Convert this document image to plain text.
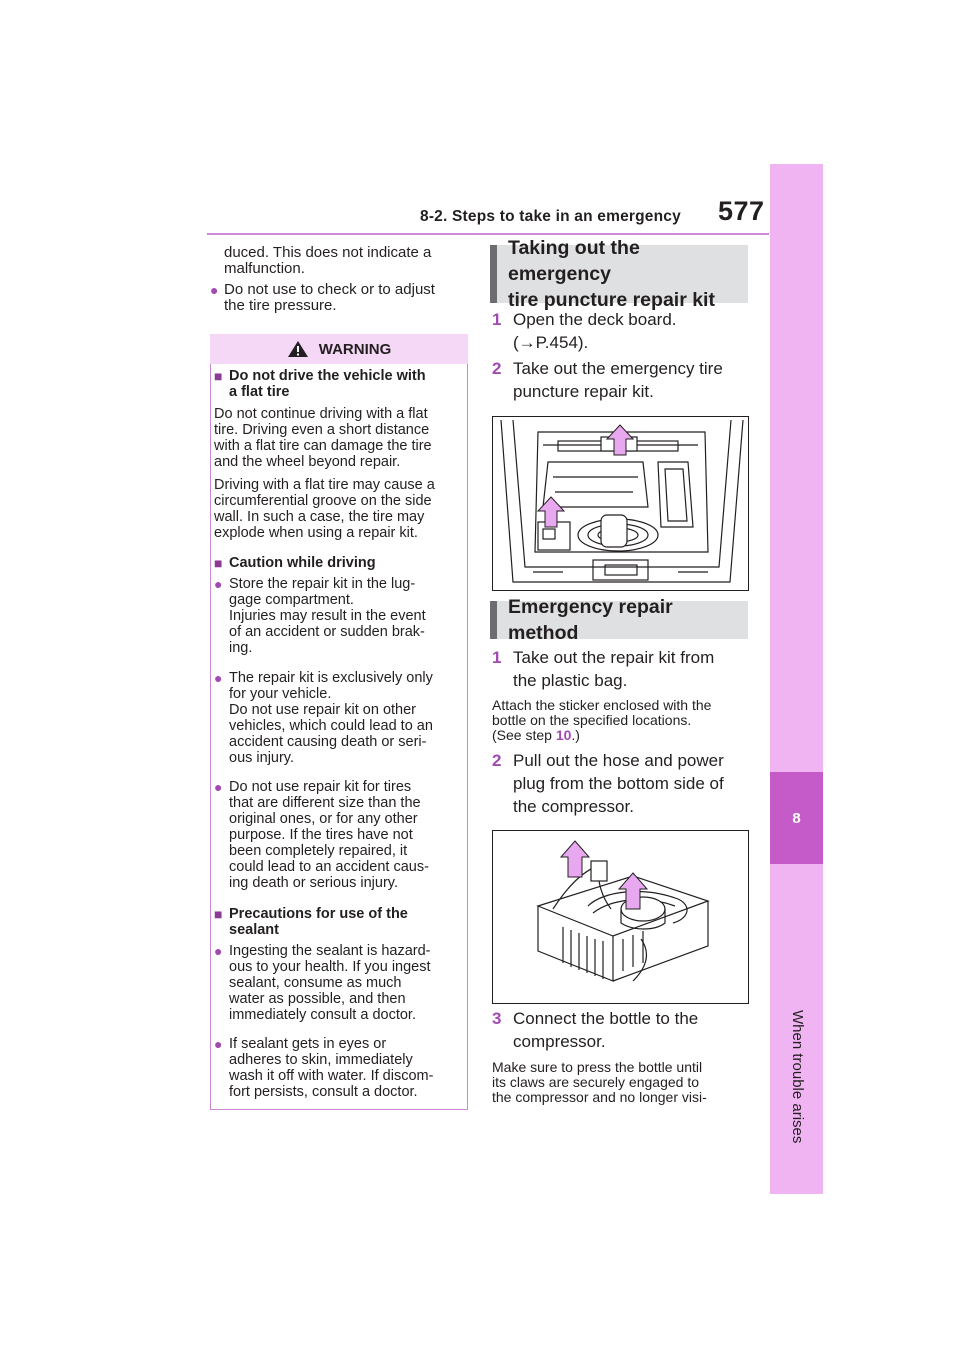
8-2. Steps to take in an emergency 577
8
When trouble arises
duced. This does not indicate a
malfunction.
● Do not use to check or to adjust
the tire pressure.
WARNING
■ Do not drive the vehicle with
a flat tire
Do not continue driving with a flat
tire. Driving even a short distance
with a flat tire can damage the tire
and the wheel beyond repair.
Driving with a flat tire may cause a
circumferential groove on the side
wall. In such a case, the tire may
explode when using a repair kit.
■ Caution while driving
● Store the repair kit in the lug-
gage compartment.
Injuries may result in the event
of an accident or sudden brak-
ing.
● The repair kit is exclusively only
for your vehicle.
Do not use repair kit on other
vehicles, which could lead to an
accident causing death or seri-
ous injury.
● Do not use repair kit for tires
that are different size than the
original ones, or for any other
purpose. If the tires have not
been completely repaired, it
could lead to an accident caus-
ing death or serious injury.
■ Precautions for use of the
sealant
● Ingesting the sealant is hazard-
ous to your health. If you ingest
sealant, consume as much
water as possible, and then
immediately consult a doctor.
● If sealant gets in eyes or
adheres to skin, immediately
wash it off with water. If discom-
fort persists, consult a doctor.
Taking out the emergency
tire puncture repair kit
1 Open the deck board.
(→P.454).
2 Take out the emergency tire
puncture repair kit.
Emergency repair method
1 Take out the repair kit from
the plastic bag.
Attach the sticker enclosed with the
bottle on the specified locations.
(See step 10.)
2 Pull out the hose and power
plug from the bottom side of
the compressor.
3 Connect the bottle to the
compressor.
Make sure to press the bottle until
its claws are securely engaged to
the compressor and no longer visi-
